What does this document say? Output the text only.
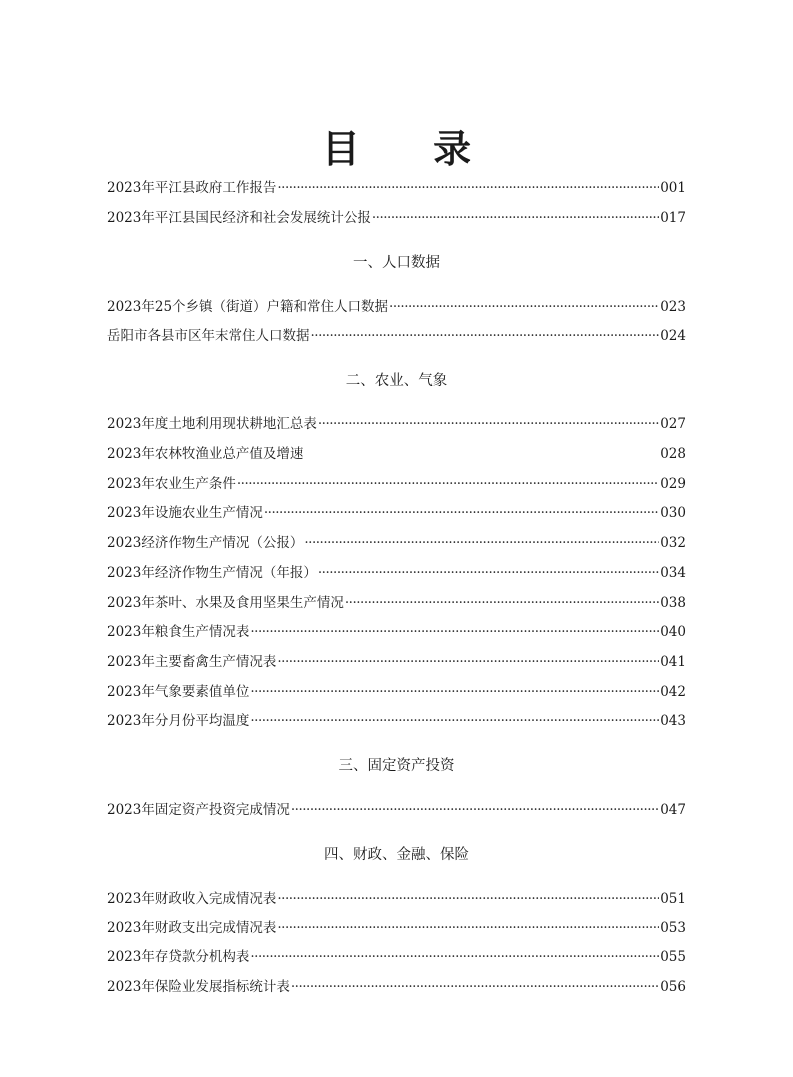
目 录
2023年平江县政府工作报告 ·····	001
2023年平江县国民经济和社会发展统计公报 ·····	017
一、人口数据
2023年25个乡镇（街道）户籍和常住人口数据 ·····	023
岳阳市各县市区年末常住人口数据 ·····	024
二、农业、气象
2023年度土地利用现状耕地汇总表 ·····	027
2023年农林牧渔业总产值及增速	028
2023年农业生产条件 ·····	029
2023年设施农业生产情况 ·····	030
2023经济作物生产情况（公报） ·····	032
2023年经济作物生产情况（年报） ·····	034
2023年茶叶、水果及食用坚果生产情况 ·····	038
2023年粮食生产情况表 ·····	040
2023年主要畜禽生产情况表 ·····	041
2023年气象要素值单位 ·····	042
2023年分月份平均温度 ·····	043
三、固定资产投资
2023年固定资产投资完成情况 ·····	047
四、财政、金融、保险
2023年财政收入完成情况表 ·····	051
2023年财政支出完成情况表 ·····	053
2023年存贷款分机构表 ·····	055
2023年保险业发展指标统计表 ·····	056
